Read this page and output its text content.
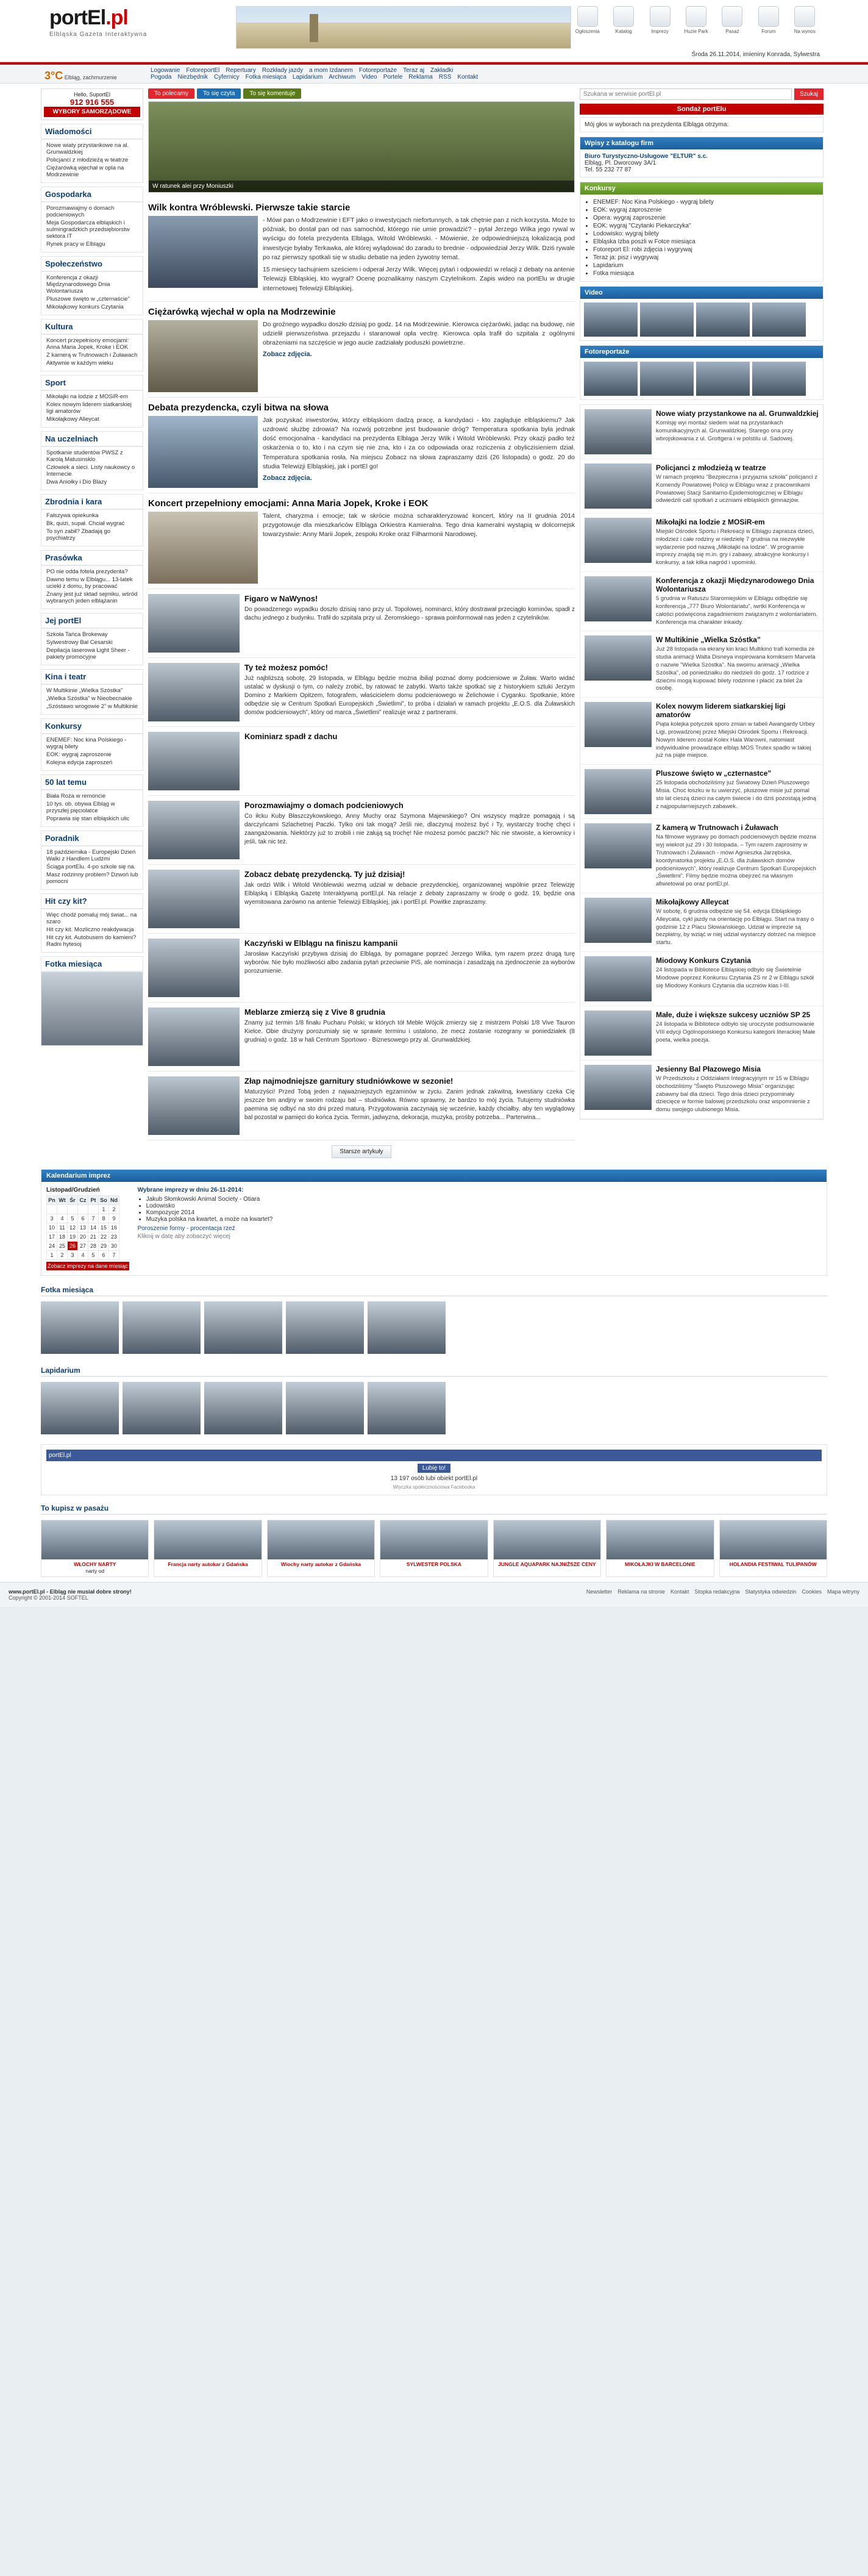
portEl.pl
Elbląska Gazeta Interaktywna	Ogłoszenia	Katalog	Imprezy	Huzie Park	Pasaż	Forum	Na wynos
Środa 26.11.2014, imieniny Konrada, Sylwestra
3°C Elbląg, zachmurzenie
Logowanie FotoreportEl Repertuary Rozkłady jazdy a mom Izdanem Fotoreportaże Teraz aj Zakładki
Pogoda Niezbędnik Cyfernicy Fotka miesiąca Lapidarium Archiwum Video Portele Reklama RSS Kontakt
Hello, SuportEl
912 916 555
WYBORY SAMORZĄDOWE
Wiadomości
Nowe wiaty przystankowe na al. Grunwaldzkiej
Policjanci z młodzieżą w teatrze
Ciężarówką wjechał w opla na Modrzewinie
Gospodarka
Porozmawiajmy o domach podcieniowych
Meja Gospodarcza elbląskich i sulmingradzkich przedsiębiorstw sektora IT
Rynek pracy w Elblągu
Społeczeństwo
Konferencja z okazji Międzynarodowego Dnia Wolontariusza
Pluszowe święto w „czternaście”
Mikołajkowy konkurs Czytania
Kultura
Koncert przepełniony emocjami: Anna Maria Jopek, Kroke i EOK
Z kamerą w Trutnowach i Żuławach
Aktywnie w każdym wieku
Sport
Mikołajki na lodzie z MOSiR-em
Kolex nowym liderem siatkarskiej ligi amatorów
Mikołajkowy Alleycat
Na uczelniach
Spotkanie studentów PWSZ z Karolą Matusinsklo
Człowiek a sieci. Listy naukowcy o Internecie
Dwa Aniołky i Dio Blazy
Zbrodnia i kara
Fałszywa opiekunka
Bk, quizi, supał. Chciał wygrać
To syn zabił? Zbadają go psychiatrzy
Prasówka
PO nie odda fotela prezydenta?
Dawno temu w Elblągu... 13-latek uciekł z domu, by pracować
Znany jest już sktad sejmiku, wśród wybranych jeden elblążanin
Jej portEl
Szkoła Tańca Brokeway
Sylwestrowy Bal Cesarski
Depilacja laserowa Light Sheer - pakiety promocyjne
Kina i teatr
W Multikinie „Wielka Szóstka”
„Wielka Szóstka” w Nieobecnakie
„Szóstawo wrogowie 2” w Multikinie
Konkursy
ENEMEF: Noc kina Polskiego - wygraj bilety
EOK: wygraj zaproszenie
Kolejna edycja zaproszeń
50 lat temu
Biała Roża w remoncie
10 tys. ob. obywa Elbląg w przyszłej pięciolatce
Poprawia się stan elbląskich ulic
Poradnik
18 października - Europejski Dzień Walki z Handlem Ludźmi
Ściąga portElu. 4-po szkole się na.
Masz rodzinny problem? Dzwoń lub pomocni
Hit czy kit?
Więc chodź pomaluj mój świat... na szaro
Hit czy kit. Mozliczno reakdywacja
Hit czy kit. Autobusem do kamieni? Radni hytesoj
Fotka miesiąca
To polecamy	To się czyta	To się komentuje
W ratunek alei przy Moniuszki
Wilk kontra Wróblewski. Pierwsze takie starcie

- Mówi pan o Modrzewinie i EFT jako o inwestycjach niefortunnych, a tak chętnie pan z nich korzysta. Może to późniak, bo dostał pan od nas samochód, którego nie umie prowadzić? - pytał Jerzego Wilka jego rywal w wyścigu do fotela prezydenta Elbląga, Witold Wróblewski. - Mówienie, że odpowiedniejszą lokalizacją pod inwestycje byłaby Terkawka, ale której wylądować do zaradu to brednie - odpowiedział Jerzy Wilk. Dziś rywale po raz pierwszy spotkali się w studiu debatie na jeden żywotny temat.

15 miesięcy tachujniem sześciem i odperał Jerzy Wilk. Więcej pytań i odpowiedzi w relacji z debaty na antenie Telewizji Elbląskiej, kto wygrał? Ocenę poznalikamy naszym Czytelnikom. Zapis wideo na portElu w drugie internetowej Telewizji Elbląskiej.

Ciężarówką wjechał w opla na Modrzewinie

Do groźnego wypadku doszło dzisiaj po godz. 14 na Modrzewinie. Kierowca ciężarówki, jadąc na budowę, nie udzielił pierwszeństwa przejazdu i staranował opla vectrę. Kierowca opla trafił do szpitala z ogólnymi obrażeniami na szczęście w jego aucie zadziałały poduszki powietrzne.

Zobacz zdjęcia.
Debata prezydencka, czyli bitwa na słowa

Jak pozyskać inwestorów, którzy elbląskiom dadzą pracę, a kandydaci - kto zagłąduje elbląskiemu? Jak uzdrowić służbę zdrowia? Na rozwój potrzebne jest budowanie dróg? Temperatura spotkania była jednak dość emocjonalna - kandydaci na prezydenta Elbląga Jerzy Wilk i Witold Wróblewski. Przy okazji padło też oskarżenia o to, kto i na czym się nie zna, kto i za co odpowiada oraz roziczenia z obyliczisieniem dział. Temperatura spotkania rosła. Na miejscu Zobacz na słowa zapraszamy dziś (26 listopada) o godz. 20 do studia Telewizji Elbląskiej, jak i portEl go!

Zobacz zdjęcia.
Koncert przepełniony emocjami: Anna Maria Jopek, Kroke i EOK

Talent, charyzma i emocje; tak w skrócie można scharakteryzować koncert, który na II grudnia 2014 przygotowuje dla mieszkańców Elbląga Orkiestra Kamieralna. Tego dnia kameralni wystąpią w dolcornejsk towarzystwie: Anny Marii Jopek, zespołu Kroke oraz Filharmonii Narodowej.

Figaro w NaWynos!

Do powadzenego wypadku doszło dzisiaj rano przy ul. Topolowej, nominarci, który dostrawał przeciągło kominów, spadł z dachu jednego z budynku. Trafił do szpitala przy ul. Żeromskiego - sprawa poinformował nas jeden z czytelników.

Ty też możesz pomóc!

Już najbliższą sobotę, 29 listopada, w Elblągu będzie można ibiliąl poznać domy podcieniowe w Żuław. Warto widać ustalać w dyskusji o tym, co należy zrobić, by ratować te zabytki. Warto także spotkać się z historykiem sztuki Jerzym Domino z Markiem Opitzem, fotografem, właścicielem domu podcieniowego w Żelichowie i Cyganku. Spotkanie, które odbędzie się w Centrum Spotkań Europejskich „Świetlimi”, to próba i działań w ramach projektu „E.O.S. dla Żuławskich domów podcieniowych”, który od marca „Świetlimi” realizuje wraz z partnerami.

Kominiarz spadł z dachu

Porozmawiajmy o domach podcieniowych

Co iłcku Kuby Błaszczykowskiego, Anny Muchy oraz Szymona Majewskiego? Oni wszyscy mądrze pomagają i są darczyńcami Szlachetnej Paczki. Tylko oni tak mogą? Jeśli nie, dlaczynuj możesz być i Ty, wystarczy trochę chęci i zaangażowania. Niektórzy już to zrobili i nie załują są trochę! Nie możesz pomóc paczki? Nic nie stwoiste, a kierownicy i jeśli, tak nic też.

Zobacz debatę prezydencką. Ty już dzisiaj!

Jak ordzi Wilk i Witold Wróblewski wezmą udział w debacie prezydenckiej, organizowanej wspólnie przez Telewizję Elbląską i Elbląską Gazetę Interaktywną portEl.pl. Na relacje z debaty zapraszamy w środę o godz. 19, będzie ona wyemitowana zarówno na antenie Telewizji Elbląskiej, jak i portEl.pl. Powitke zapraszamy.

Kaczyński w Elblągu na finiszu kampanii

Jarosław Kaczyński przybywa dzisiaj do Elbląga, by pomagane poprzeć Jerzego Wilka, tym razem przez drugą turę wyborów. Nie było możliwości albo zadania pytań przeciwnie PiS, ale nominacja i zasadzają na zjednoczenie za wyborów porozumienie.

Meblarze zmierzą się z Vive 8 grudnia

Znamy już termin 1/8 finału Pucharu Polski; w których tół Meble Wójcik zmierzy się z mistrzem Polski 1/8 Vive Tauron Kielce. Obie drużyny porozumiały się w sprawie terminu i ustalono, że mecz zostanie rozegrany w poniedziałek (8 grudnia) o godz. 18 w hali Centrum Sportowo - Biznesowego przy al. Grunwaldzkiej.

Złap najmodniejsze garnitury studniówkowe w sezonie!

Maturzyści! Przed Tobą jeden z najważniejszych egzaminów w życiu. Zanim jednak zakwitną, kwestiany czeka Cię jeszcze bm andjny w swoim rodzaju bal – studniówka. Równo sprawmy, że bardzo to mój życia. Tutujemy studniówka paemina się odbyć na sto dni przed maturą. Przygotowania zaczynają się wcześnie, każdy chciałby, aby ten wyglądowy bal pozostał w pamięci do końca życia. Termin, jadwyzna, dekoracja, muzyka, prośby potrzeba... Parterwina...

Starsze artykuły
Szukana w serwisie portEl.pl
Szukaj
Sondaż portElu
Mój głos w wyborach na prezydenta Elbląga otrzyma:
Wpisy z katalogu firm
Biuro Turystyczno-Usługowe "ELTUR" s.c.
Elbląg, Pl. Dworcowy 3A/1
Tel. 55 232 77 87
Konkursy
• ENEMEF: Noc Kina Polskiego - wygraj bilety
• EOK: wygraj zaproszenie
• Opera: wygraj zaproszenie
• EOK: wygraj "Czytanki Piekarczyka"
• Lodowisko: wygraj bilety
• Elbląska Izba poszli w Fotce miesiąca
• Fotoreport El: robi zdjęcia i wygrywaj
• Teraz ja: pisz i wygrywaj
• Lapidarium
• Fotka miesiąca
Video
Fotoreportaże
Nowe wiaty przystankowe na al. Grunwaldzkiej

Komisję wyi montaż siedem wiat na przystankach komunikacyjnych al. Grunwaldzkiej. Starego ona przy wbrojskowania z ul. Grottgera i w polstilu ul. Sadowej.

Policjanci z młodzieżą w teatrze

W ramach projektu "Bezpieczna i przyjazna szkoła" policjanci z Komendy Powiatowej Policji w Elblągu wraz z pracownikami Powiatowej Stacji Sanitarno-Epidemiologicznej w Elblągu odwiedzili call spotkań z uczniami elbląskich gimnazjów.

Mikołajki na lodzie z MOSiR-em

Miejski Ośrodek Sportu i Rekreacji w Elblągu zaprasza dzieci, młodzież i całe rodziny w niedzielę 7 grudnia na niezwykłe wydarzenie pod nazwą „Mikołajki na lodzie”. W programie imprezy znajdą się m.in. gry i zabawy, atrakcyjne konkursy i konkursy, a tak kilka nagród i upominki.

Konferencja z okazji Międzynarodowego Dnia Wolontariusza

5 grudnia w Ratuszu Staromiejskim w Elblągu odbędzie się konferencja „777 Biuro Wolontariatu", iwrtki Konferencja w całości poświęcona zagadnieniom związanym z wolontariatem. Konferencja ma charakter inkaidy.

W Multikinie „Wielka Szóstka”

Już 28 listopada na ekrany kin kraci Multikino trafi komedia ze studia animacji Walta Disneya inspirowana komiksem Marvela o nazwie "Wielka Szóstka". Na swoimu animacji „Wielka Szóstka”, od poniedziałku do niedzieli do godz. 17 rodzice z dziećmi mogą kupować bilety rodzinne i płacić za bilet 2a osobę.

Kolex nowym liderem siatkarskiej ligi amatorów

Piąta kolejka potyczek sporo zmian w tabeli Awangardy Urbey Ligi, prowadzonej przez Miejski Ośrodek Sportu i Rekreacji. Nowym liderem został Kolex Hala Warowni, natomiast indywidualne prowadzące elbląs MOS Trutex spadło w takiej już na piąte miejsce.

Pluszowe święto w „czternastce”

25 listopada obchodziliśmy już Światowy Dzień Pluszowego Misia. Choć łoszku w tu uwierzyć, pluszowe misie już pomal sto lat cieszą dzieci na całym świecie i do dziś pozostają jedną z najpopularniejszych zabawek.

Z kamerą w Trutnowach i Żuławach

Na filmowe wyprawy po domach podcieniowych będzie można wyj wiekrot już 29 i 30 listopada. – Tym razem zaprosimy w Trutnowach i Żuławach - mówi Agnieszka Jarzębska, koordynatorka projektu „E.O.S. dla żuławskich domów podcieniowych”, który realizuje Centrum Spotkań Europejskich „Świetlimi”. Filmy będzie można obejrzeć na własnym afiwietowal po oraz portEl.pl.

Mikołajkowy Alleycat

W sobotę, 6 grudnia odbędzie się 54. edycja Elbląskiego Alleycata, cykl jazdy na orientację po Elblągu. Start na trasy o godzinie 12 z Placu Słowiańskiego. Udział w imprezie są bezpłatny, by wziąć w niej udział wystarczy dotrzeć na miejsce startu.

Miodowy Konkurs Czytania

24 listopada w Bibliotece Elbląskiej odbyło się Świetelnie Miodowe poprzez Konkursu Czytania ZS nr 2 w Elblągu szkół się Miodowy Konkurs Czytania dla uczniów klas I-III.

Małe, duże i większe sukcesy uczniów SP 25

24 listopada w Bibliotece odbyło się uroczyste podsumowanie VIII edycji Ogólnopolskiego Konkursu kategorii literackiej Małe poeta, wielka poezja.

Jesienny Bal Płazowego Misia

W Przedszkolu z Oddziałami Integracyjnym nr 15 w Elblągu obchodziliśmy "Święto Pluszowego Misia" organizując zabawny bal dla dzieci. Tego dnia dzieci przypominały dziecięce w formie balowej przedszkolu oraz wspomnienie z domu swojego ulubionego Misia.

Kalendarium imprez
Listopad/Grudzień
Pn	Wt	Śr	Cz	Pt	So	Nd
					1	2
3	4	5	6	7	8	9
10	11	12	13	14	15	16
17	18	19	20	21	22	23
24	25	26	27	28	29	30
1	2	3	4	5	6	7
Zobacz imprezy na dane miesiąc
Wybrane imprezy w dniu 26-11-2014:
• Jakub Słomkowski Animal Society - Otiara
• Lodowisko
• Kompozycje 2014
• Muzyka polska na kwartet, a może na kwartet?
Poroszenie formy - procentacja rzeź
Kliknij w datę aby zobaczyć więcej
Fotka miesiąca
Lapidarium
portEl.pl
Lubię to!
13 197 osób lubi obiekt portEl.pl
Wtyczka społecznościowa Facebooka
To kupisz w pasażu
WŁOCHY NARTY
narty od
Francja narty autokar z Gdańska	Wiochy narty autokar z Gdańska	SYLWESTER POLSKA	JUNGLE AQUAPARK NAJNIŻSZE CENY	MIKOŁAJKI W BARCELONIE	HOLANDIA FESTIWAL TULIPANÓW
www.portEl.pl - Elbląg nie musiał dobre strony!
Copyright © 2001-2014 SOFTEL
Newsletter Reklama na stronie Kontakt Stopka redakcyjna Statystyka odwiedzin Cookies Mapa witryny
